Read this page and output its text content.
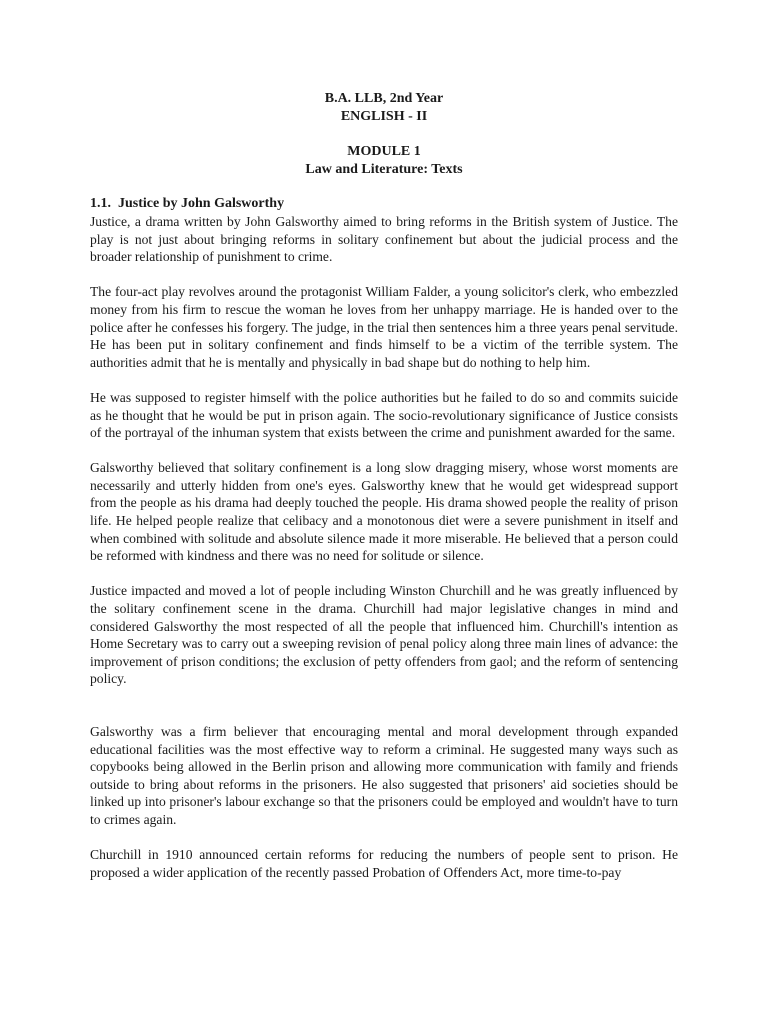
B.A. LLB, 2nd Year
ENGLISH - II
MODULE 1
Law and Literature: Texts
1.1.  Justice by John Galsworthy

Justice, a drama written by John Galsworthy aimed to bring reforms in the British system of Justice. The play is not just about bringing reforms in solitary confinement but about the judicial process and the broader relationship of punishment to crime.

The four-act play revolves around the protagonist William Falder, a young solicitor's clerk, who embezzled money from his firm to rescue the woman he loves from her unhappy marriage. He is handed over to the police after he confesses his forgery. The judge, in the trial then sentences him a three years penal servitude. He has been put in solitary confinement and finds himself to be a victim of the terrible system. The authorities admit that he is mentally and physically in bad shape but do nothing to help him.

He was supposed to register himself with the police authorities but he failed to do so and commits suicide as he thought that he would be put in prison again. The socio-revolutionary significance of Justice consists of the portrayal of the inhuman system that exists between the crime and punishment awarded for the same.

Galsworthy believed that solitary confinement is a long slow dragging misery, whose worst moments are necessarily and utterly hidden from one's eyes. Galsworthy knew that he would get widespread support from the people as his drama had deeply touched the people. His drama showed people the reality of prison life. He helped people realize that celibacy and a monotonous diet were a severe punishment in itself and when combined with solitude and absolute silence made it more miserable. He believed that a person could be reformed with kindness and there was no need for solitude or silence.

Justice impacted and moved a lot of people including Winston Churchill and he was greatly influenced by the solitary confinement scene in the drama. Churchill had major legislative changes in mind and considered Galsworthy the most respected of all the people that influenced him. Churchill's intention as Home Secretary was to carry out a sweeping revision of penal policy along three main lines of advance: the improvement of prison conditions; the exclusion of petty offenders from gaol; and the reform of sentencing policy.

Galsworthy was a firm believer that encouraging mental and moral development through expanded educational facilities was the most effective way to reform a criminal. He suggested many ways such as copybooks being allowed in the Berlin prison and allowing more communication with family and friends outside to bring about reforms in the prisoners. He also suggested that prisoners' aid societies should be linked up into prisoner's labour exchange so that the prisoners could be employed and wouldn't have to turn to crimes again.

Churchill in 1910 announced certain reforms for reducing the numbers of people sent to prison. He proposed a wider application of the recently passed Probation of Offenders Act, more time-to-pay
